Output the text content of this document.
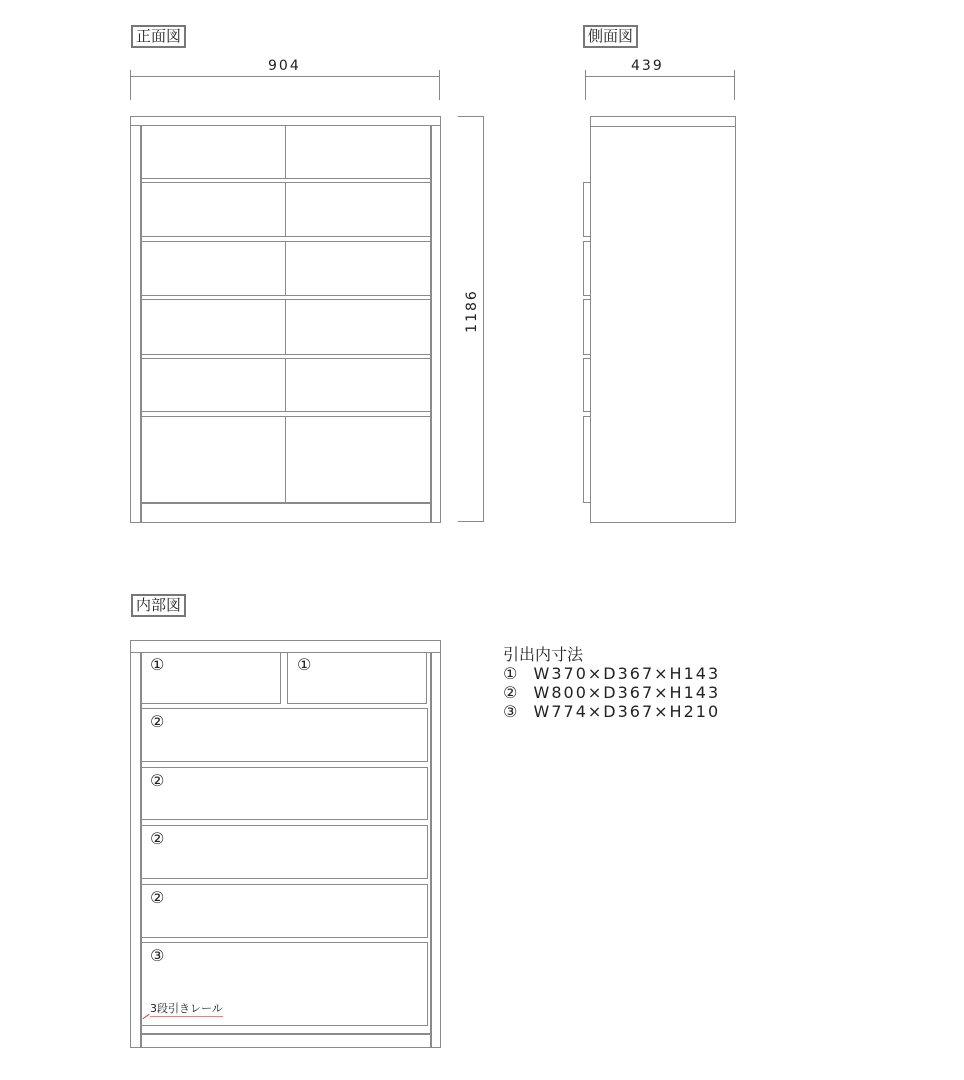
正面図
904
1186
側面図
439
内部図
①	①
②
②
②
②
③
3段引きレール
引出内寸法
① W370×D367×H143
② W800×D367×H143
③ W774×D367×H210
